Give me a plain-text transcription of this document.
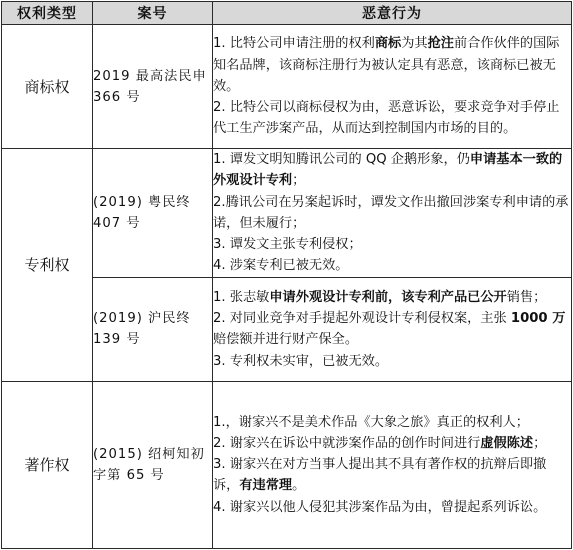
权利类型	案号	恶意行为
商标权	2019 最高法民申 366 号	1. 比特公司申请注册的权利商标为其抢注前合作伙伴的国际知名品牌，该商标注册行为被认定具有恶意，该商标已被无效。
2. 比特公司以商标侵权为由，恶意诉讼，要求竞争对手停止代工生产涉案产品，从而达到控制国内市场的目的。

专利权	(2019) 粤民终 407 号	1. 谭发文明知腾讯公司的 QQ 企鹅形象，仍申请基本一致的外观设计专利；
2.腾讯公司在另案起诉时，谭发文作出撤回涉案专利申请的承诺，但未履行；
3. 谭发文主张专利侵权；
4. 涉案专利已被无效。

	(2019) 沪民终 139 号	1. 张志敏申请外观设计专利前，该专利产品已公开销售；
2. 对同业竞争对手提起外观设计专利侵权案，主张 1000 万赔偿额并进行财产保全。
3. 专利权未实审，已被无效。

著作权	(2015) 绍柯知初字第 65 号	1.，谢家兴不是美术作品《大象之旅》真正的权利人；
2. 谢家兴在诉讼中就涉案作品的创作时间进行虚假陈述；
3. 谢家兴在对方当事人提出其不具有著作权的抗辩后即撤诉，有违常理。
4. 谢家兴以他人侵犯其涉案作品为由，曾提起系列诉讼。
